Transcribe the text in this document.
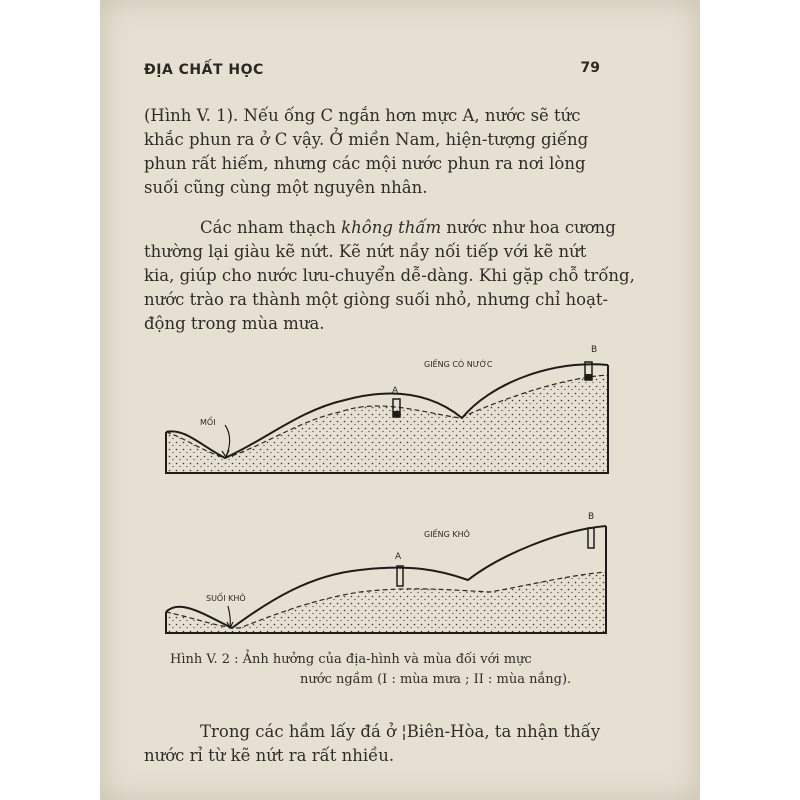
ĐỊA CHẤT HỌC	79
(Hình V. 1). Nếu ống C ngắn hơn mực A, nước sẽ tức
khắc phun ra ở C vậy. Ở miền Nam, hiện-tượng giếng
phun rất hiếm, nhưng các mội nước phun ra nơi lòng
suối cũng cùng một nguyên nhân.
Các nham thạch không thấm nước như hoa cương
thường lại giàu kẽ nứt. Kẽ nứt nầy nối tiếp với kẽ nứt
kia, giúp cho nước lưu-chuyển dễ-dàng. Khi gặp chỗ trống,
nước trào ra thành một giòng suối nhỏ, nhưng chỉ hoạt-
động trong mùa mưa.
B
GIẾNG CÓ NƯỚC
A
MỐI
B
GIẾNG KHÔ
A
SUỐI KHÔ
Hình V. 2 : Ảnh hưởng của địa-hình và mùa đối với mực
nước ngầm (I : mùa mưa ; II : mùa nắng).
Trong các hầm lấy đá ở ¦Biên-Hòa, ta nhận thấy
nước rỉ từ kẽ nứt ra rất nhiều.
